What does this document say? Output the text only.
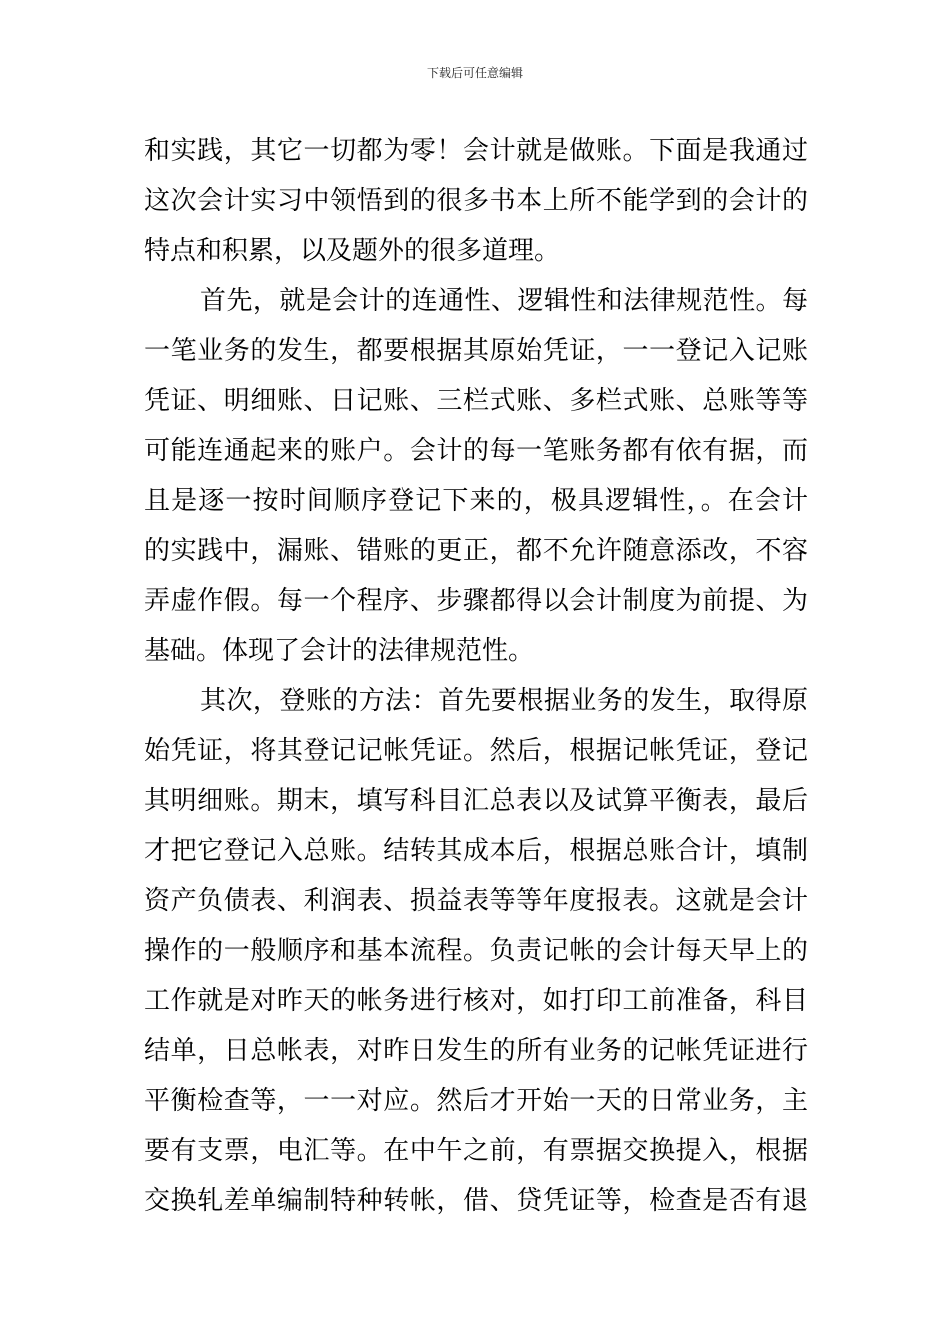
下载后可任意编辑
和实践，其它一切都为零！会计就是做账。下面是我通过
这次会计实习中领悟到的很多书本上所不能学到的会计的
特点和积累，以及题外的很多道理。
首先，就是会计的连通性、逻辑性和法律规范性。每
一笔业务的发生，都要根据其原始凭证，一一登记入记账
凭证、明细账、日记账、三栏式账、多栏式账、总账等等
可能连通起来的账户。会计的每一笔账务都有依有据，而
且是逐一按时间顺序登记下来的，极具逻辑性，。在会计
的实践中，漏账、错账的更正，都不允许随意添改，不容
弄虚作假。每一个程序、步骤都得以会计制度为前提、为
基础。体现了会计的法律规范性。
其次，登账的方法：首先要根据业务的发生，取得原
始凭证，将其登记记帐凭证。然后，根据记帐凭证，登记
其明细账。期末，填写科目汇总表以及试算平衡表，最后
才把它登记入总账。结转其成本后，根据总账合计，填制
资产负债表、利润表、损益表等等年度报表。这就是会计
操作的一般顺序和基本流程。负责记帐的会计每天早上的
工作就是对昨天的帐务进行核对，如打印工前准备，科目
结单，日总帐表，对昨日发生的所有业务的记帐凭证进行
平衡检查等，一一对应。然后才开始一天的日常业务，主
要有支票，电汇等。在中午之前，有票据交换提入，根据
交换轧差单编制特种转帐，借、贷凭证等，检查是否有退
